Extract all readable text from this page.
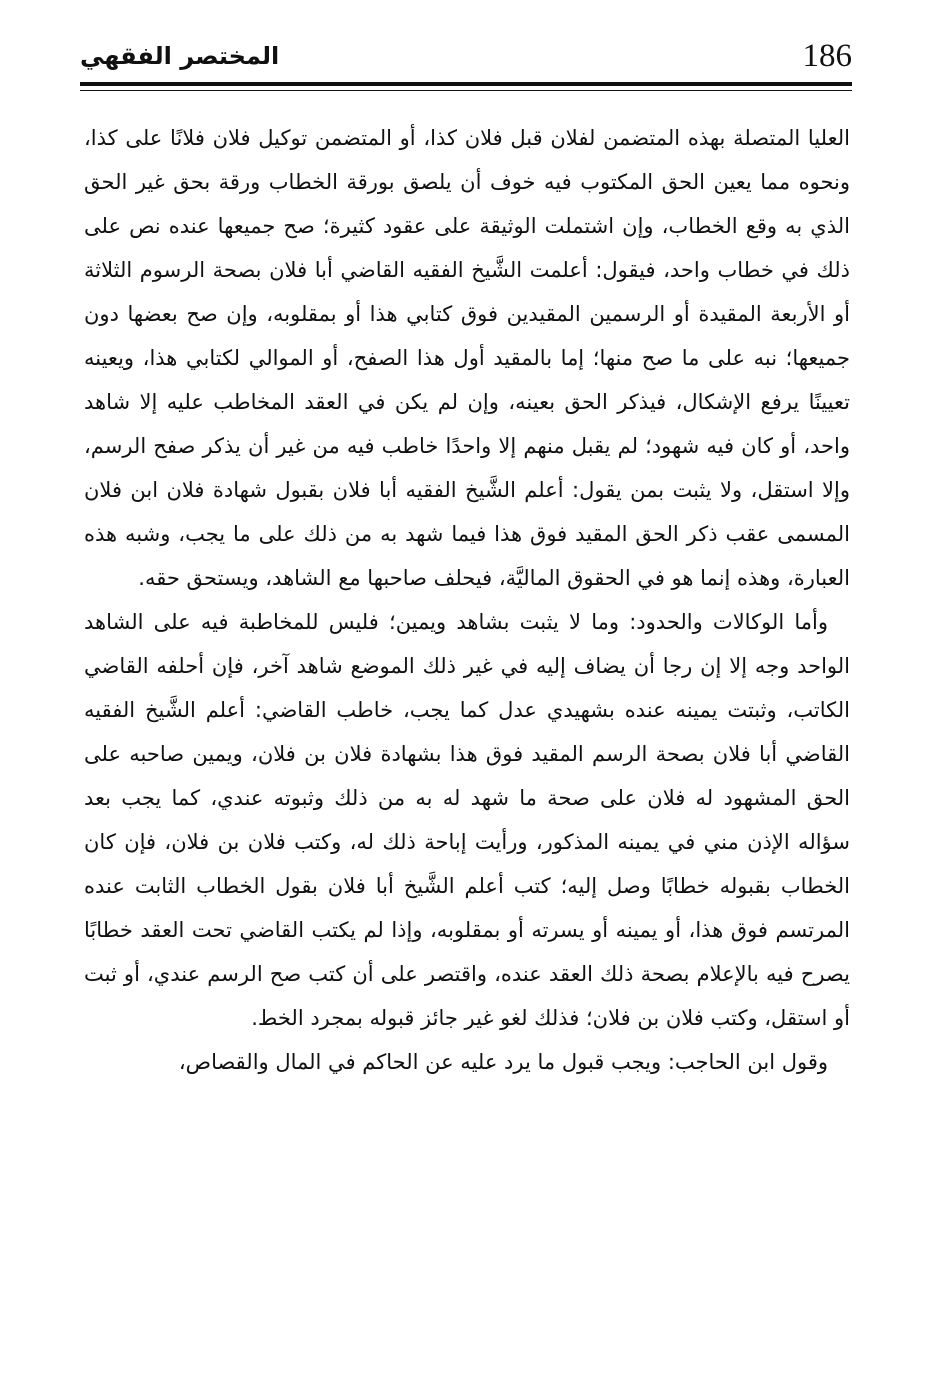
186
المختصر الفقهي

العليا المتصلة بهذه المتضمن لفلان قبل فلان كذا، أو المتضمن توكيل فلان فلانًا على كذا، ونحوه مما يعين الحق المكتوب فيه خوف أن يلصق بورقة الخطاب ورقة بحق غير الحق الذي به وقع الخطاب، وإن اشتملت الوثيقة على عقود كثيرة؛ صح جميعها عنده نص على ذلك في خطاب واحد، فيقول: أعلمت الشَّيخ الفقيه القاضي أبا فلان بصحة الرسوم الثلاثة أو الأربعة المقيدة أو الرسمين المقيدين فوق كتابي هذا أو بمقلوبه، وإن صح بعضها دون جميعها؛ نبه على ما صح منها؛ إما بالمقيد أول هذا الصفح، أو الموالي لكتابي هذا، ويعينه تعيينًا يرفع الإشكال، فيذكر الحق بعينه، وإن لم يكن في العقد المخاطب عليه إلا شاهد واحد، أو كان فيه شهود؛ لم يقبل منهم إلا واحدًا خاطب فيه من غير أن يذكر صفح الرسم، وإلا استقل، ولا يثبت بمن يقول: أعلم الشَّيخ الفقيه أبا فلان بقبول شهادة فلان ابن فلان المسمى عقب ذكر الحق المقيد فوق هذا فيما شهد به من ذلك على ما يجب، وشبه هذه العبارة، وهذه إنما هو في الحقوق الماليَّة، فيحلف صاحبها مع الشاهد، ويستحق حقه.

وأما الوكالات والحدود: وما لا يثبت بشاهد ويمين؛ فليس للمخاطبة فيه على الشاهد الواحد وجه إلا إن رجا أن يضاف إليه في غير ذلك الموضع شاهد آخر، فإن أحلفه القاضي الكاتب، وثبتت يمينه عنده بشهيدي عدل كما يجب، خاطب القاضي: أعلم الشَّيخ الفقيه القاضي أبا فلان بصحة الرسم المقيد فوق هذا بشهادة فلان بن فلان، ويمين صاحبه على الحق المشهود له فلان على صحة ما شهد له به من ذلك وثبوته عندي، كما يجب بعد سؤاله الإذن مني في يمينه المذكور، ورأيت إباحة ذلك له، وكتب فلان بن فلان، فإن كان الخطاب بقبوله خطابًا وصل إليه؛ كتب أعلم الشَّيخ أبا فلان بقول الخطاب الثابت عنده المرتسم فوق هذا، أو يمينه أو يسرته أو بمقلوبه، وإذا لم يكتب القاضي تحت العقد خطابًا يصرح فيه بالإعلام بصحة ذلك العقد عنده، واقتصر على أن كتب صح الرسم عندي، أو ثبت أو استقل، وكتب فلان بن فلان؛ فذلك لغو غير جائز قبوله بمجرد الخط.

وقول ابن الحاجب: ويجب قبول ما يرد عليه عن الحاكم في المال والقصاص،
